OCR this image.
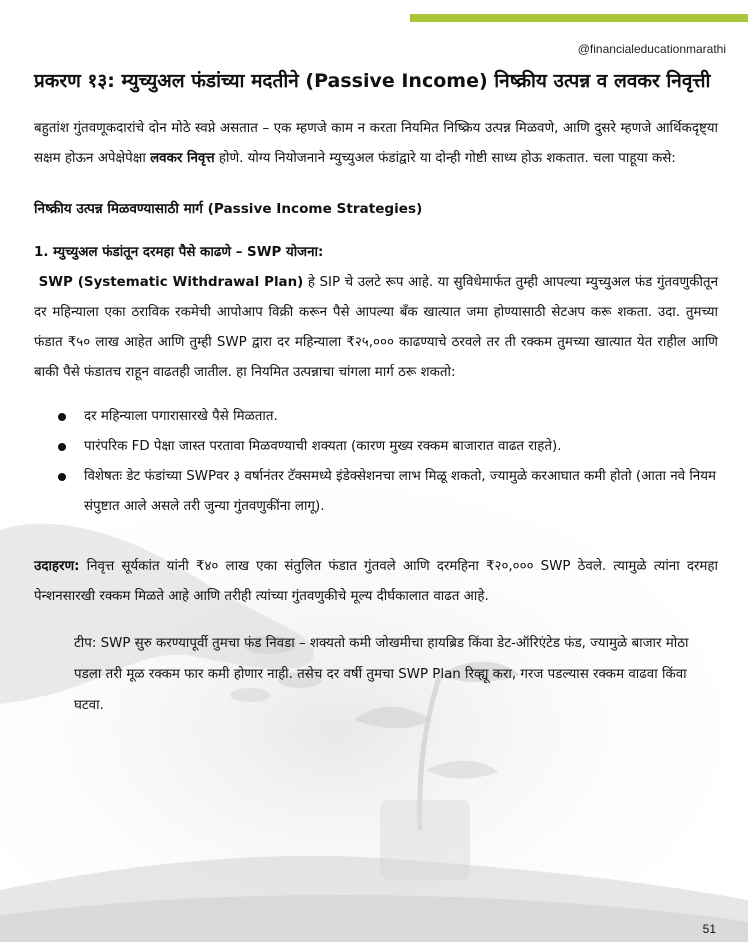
@financialeducationmarathi
प्रकरण १३: म्युच्युअल फंडांच्या मदतीने (Passive Income) निष्क्रीय उत्पन्न व लवकर निवृत्ती

बहुतांश गुंतवणूकदारांचे दोन मोठे स्वप्ने असतात – एक म्हणजे काम न करता नियमित निष्क्रिय उत्पन्न मिळवणे, आणि दुसरे म्हणजे आर्थिकदृष्ट्या सक्षम होऊन अपेक्षेपेक्षा लवकर निवृत्त होणे. योग्य नियोजनाने म्युच्युअल फंडांद्वारे या दोन्ही गोष्टी साध्य होऊ शकतात. चला पाहूया कसे:

निष्क्रीय उत्पन्न मिळवण्यासाठी मार्ग (Passive Income Strategies)
1. म्युच्युअल फंडांतून दरमहा पैसे काढणे – SWP योजना:

SWP (Systematic Withdrawal Plan) हे SIP चे उलटे रूप आहे. या सुविधेमार्फत तुम्ही आपल्या म्युच्युअल फंड गुंतवणुकीतून दर महिन्याला एका ठराविक रकमेची आपोआप विक्री करून पैसे आपल्या बँक खात्यात जमा होण्यासाठी सेटअप करू शकता. उदा. तुमच्या फंडात ₹५० लाख आहेत आणि तुम्ही SWP द्वारा दर महिन्याला ₹२५,००० काढण्याचे ठरवले तर ती रक्कम तुमच्या खात्यात येत राहील आणि बाकी पैसे फंडातच राहून वाढतही जातील. हा नियमित उत्पन्नाचा चांगला मार्ग ठरू शकतो:

दर महिन्याला पगारासारखे पैसे मिळतात.
पारंपरिक FD पेक्षा जास्त परतावा मिळवण्याची शक्यता (कारण मुख्य रक्कम बाजारात वाढत राहते).
विशेषतः डेट फंडांच्या SWPवर ३ वर्षानंतर टॅक्समध्ये इंडेक्सेशनचा लाभ मिळू शकतो, ज्यामुळे करआघात कमी होतो (आता नवे नियम संपुष्टात आले असले तरी जुन्या गुंतवणुकींना लागू).

उदाहरण: निवृत्त सूर्यकांत यांनी ₹४० लाख एका संतुलित फंडात गुंतवले आणि दरमहिना ₹२०,००० SWP ठेवले. त्यामुळे त्यांना दरमहा पेन्शनसारखी रक्कम मिळते आहे आणि तरीही त्यांच्या गुंतवणुकीचे मूल्य दीर्घकालात वाढत आहे.

टीप: SWP सुरु करण्यापूर्वी तुमचा फंड निवडा – शक्यतो कमी जोखमीचा हायब्रिड किंवा डेट-ऑरिएंटेड फंड, ज्यामुळे बाजार मोठा पडला तरी मूळ रक्कम फार कमी होणार नाही. तसेच दर वर्षी तुमचा SWP Plan रिव्ह्यू करा, गरज पडल्यास रक्कम वाढवा किंवा घटवा.

51
